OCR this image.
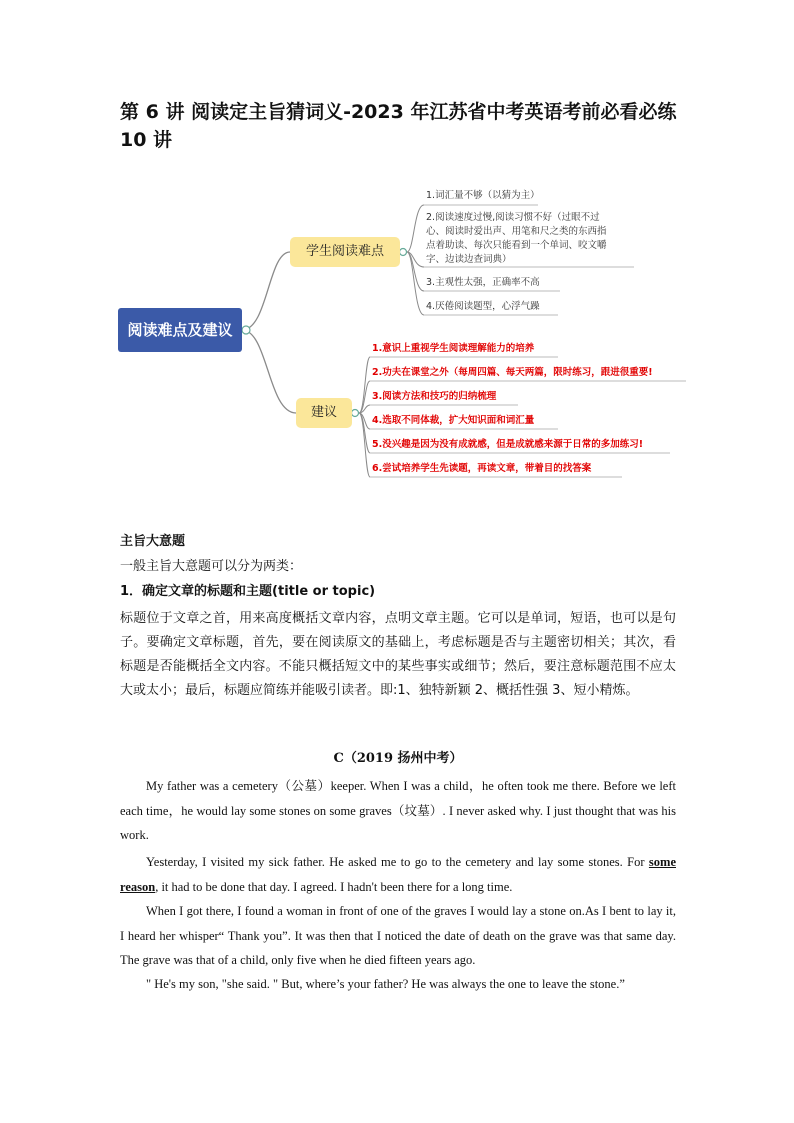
第 6 讲 阅读定主旨猜词义-2023 年江苏省中考英语考前必看必练 10 讲
阅读难点及建议
学生阅读难点
建议
1.词汇量不够（以猜为主）
2.阅读速度过慢,阅读习惯不好（过眼不过
心、阅读时爱出声、用笔和尺之类的东西指
点着助读、每次只能看到一个单词、咬文嚼
字、边读边查词典）
3.主观性太强，正确率不高
4.厌倦阅读题型，心浮气躁
1.意识上重视学生阅读理解能力的培养
2.功夫在课堂之外（每周四篇、每天两篇，限时练习，跟进很重要!
3.阅读方法和技巧的归纳梳理
4.选取不同体裁，扩大知识面和词汇量
5.没兴趣是因为没有成就感，但是成就感来源于日常的多加练习!
6.尝试培养学生先读题，再读文章，带着目的找答案
主旨大意题
一般主旨大意题可以分为两类：
1．确定文章的标题和主题(title or topic)
标题位于文章之首，用来高度概括文章内容，点明文章主题。它可以是单词，短语，也可以是句子。要确定文章标题，首先，要在阅读原文的基础上，考虑标题是否与主题密切相关；其次，看标题是否能概括全文内容。不能只概括短文中的某些事实或细节；然后，要注意标题范围不应太大或太小；最后，标题应简练并能吸引读者。即:1、独特新颖 2、概括性强 3、短小精炼。
C（2019 扬州中考）
My father was a cemetery（公墓）keeper. When I was a child，he often took me there. Before we left each time，he would lay some stones on some graves（坟墓）. I never asked why. I just thought that was his work.
Yesterday, I visited my sick father. He asked me to go to the cemetery and lay some stones. For some reason, it had to be done that day. I agreed. I hadn't been there for a long time.
When I got there, I found a woman in front of one of the graves I would lay a stone on.As I bent to lay it, I heard her whisper“ Thank you”. It was then that I noticed the date of death on the grave was that same day. The grave was that of a child, only five when he died fifteen years ago.
" He's my son, "she said. " But, where’s your father? He was always the one to leave the stone.”
